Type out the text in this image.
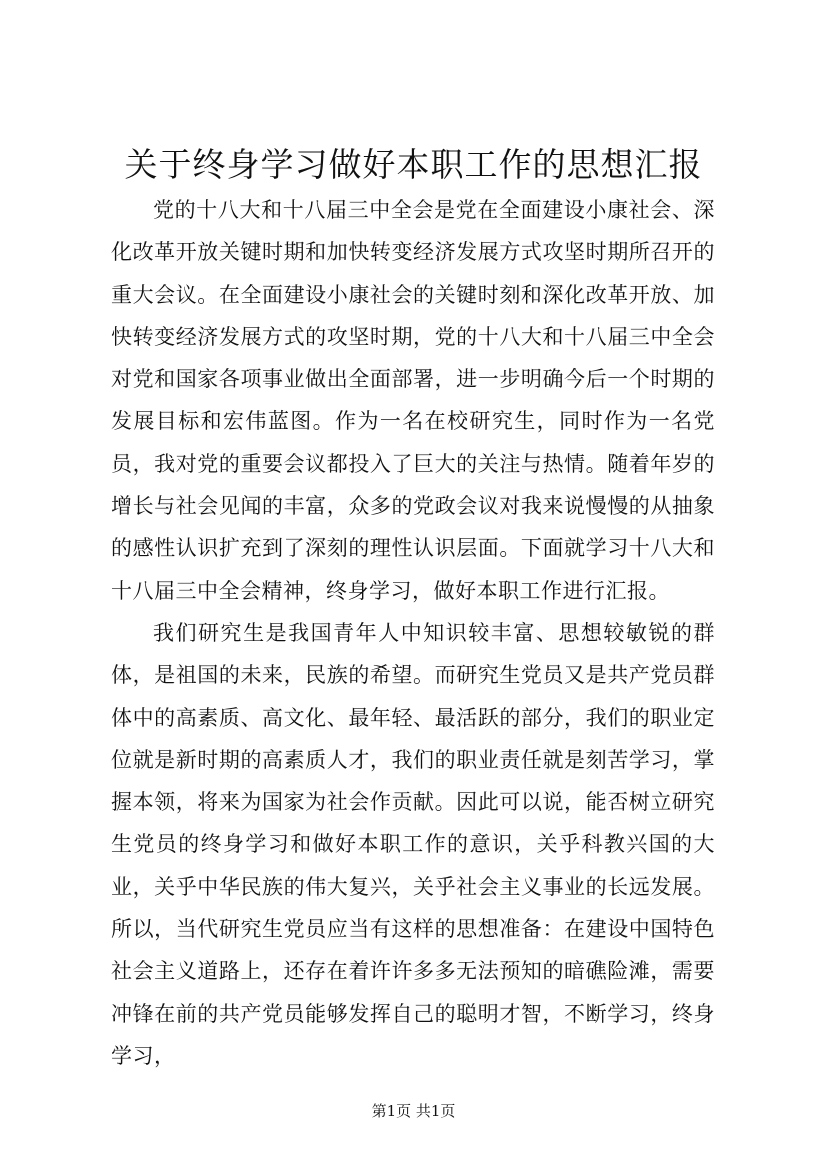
关于终身学习做好本职工作的思想汇报

党的十八大和十八届三中全会是党在全面建设小康社会、深化改革开放关键时期和加快转变经济发展方式攻坚时期所召开的重大会议。在全面建设小康社会的关键时刻和深化改革开放、加快转变经济发展方式的攻坚时期，党的十八大和十八届三中全会对党和国家各项事业做出全面部署，进一步明确今后一个时期的发展目标和宏伟蓝图。作为一名在校研究生，同时作为一名党员，我对党的重要会议都投入了巨大的关注与热情。随着年岁的增长与社会见闻的丰富，众多的党政会议对我来说慢慢的从抽象的感性认识扩充到了深刻的理性认识层面。下面就学习十八大和十八届三中全会精神，终身学习，做好本职工作进行汇报。

我们研究生是我国青年人中知识较丰富、思想较敏锐的群体，是祖国的未来，民族的希望。而研究生党员又是共产党员群体中的高素质、高文化、最年轻、最活跃的部分，我们的职业定位就是新时期的高素质人才，我们的职业责任就是刻苦学习，掌握本领，将来为国家为社会作贡献。因此可以说，能否树立研究生党员的终身学习和做好本职工作的意识，关乎科教兴国的大业，关乎中华民族的伟大复兴，关乎社会主义事业的长远发展。所以，当代研究生党员应当有这样的思想准备：在建设中国特色社会主义道路上，还存在着许许多多无法预知的暗礁险滩，需要冲锋在前的共产党员能够发挥自己的聪明才智，不断学习，终身学习，

第1页 共1页
